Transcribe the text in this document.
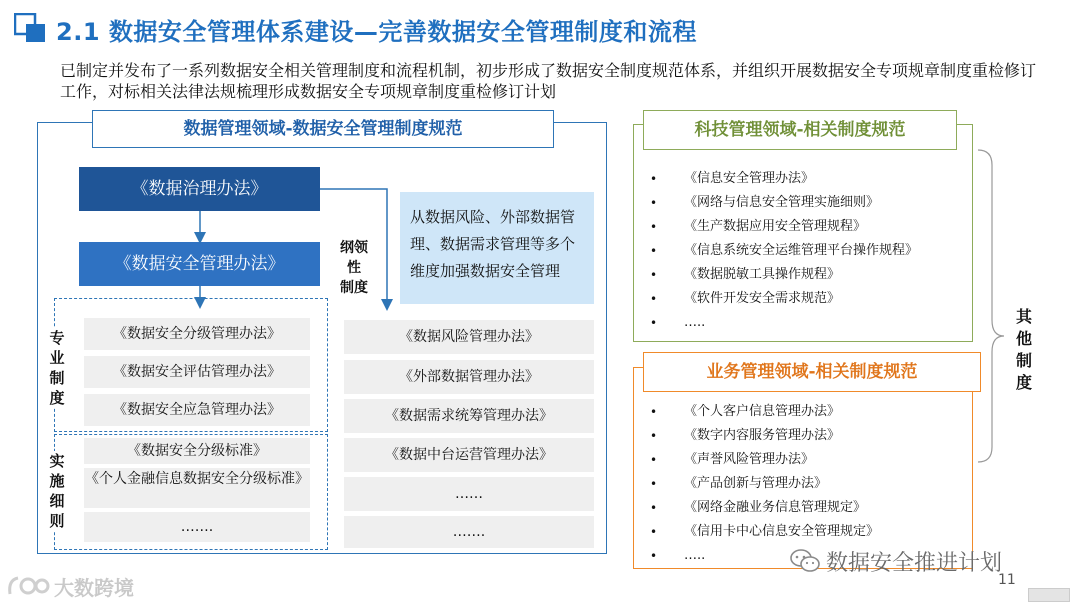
2.1 数据安全管理体系建设—完善数据安全管理制度和流程
已制定并发布了一系列数据安全相关管理制度和流程机制，初步形成了数据安全制度规范体系，并组织开展数据安全专项规章制度重检修订工作，对标相关法律法规梳理形成数据安全专项规章制度重检修订计划
数据管理领域-数据安全管理制度规范
《数据治理办法》
《数据安全管理办法》
纲领
性
制度
从数据风险、外部数据管理、数据需求管理等多个维度加强数据安全管理
专
业
制
度
《数据安全分级管理办法》
《数据安全评估管理办法》
《数据安全应急管理办法》
实
施
细
则
《数据安全分级标准》
《个人金融信息数据安全分级标准》
…….
《数据风险管理办法》
《外部数据管理办法》
《数据需求统筹管理办法》
《数据中台运营管理办法》
……
…….
科技管理领域-相关制度规范
• 《信息安全管理办法》
• 《网络与信息安全管理实施细则》
• 《生产数据应用安全管理规程》
• 《信息系统安全运维管理平台操作规程》
• 《数据脱敏工具操作规程》
• 《软件开发安全需求规范》
• …..
业务管理领域-相关制度规范
• 《个人客户信息管理办法》
• 《数字内容服务管理办法》
• 《声誉风险管理办法》
• 《产品创新与管理办法》
• 《网络金融业务信息管理规定》
• 《信用卡中心信息安全管理规定》
• …..
其
他
制
度
大数跨境
数据安全推进计划
11
